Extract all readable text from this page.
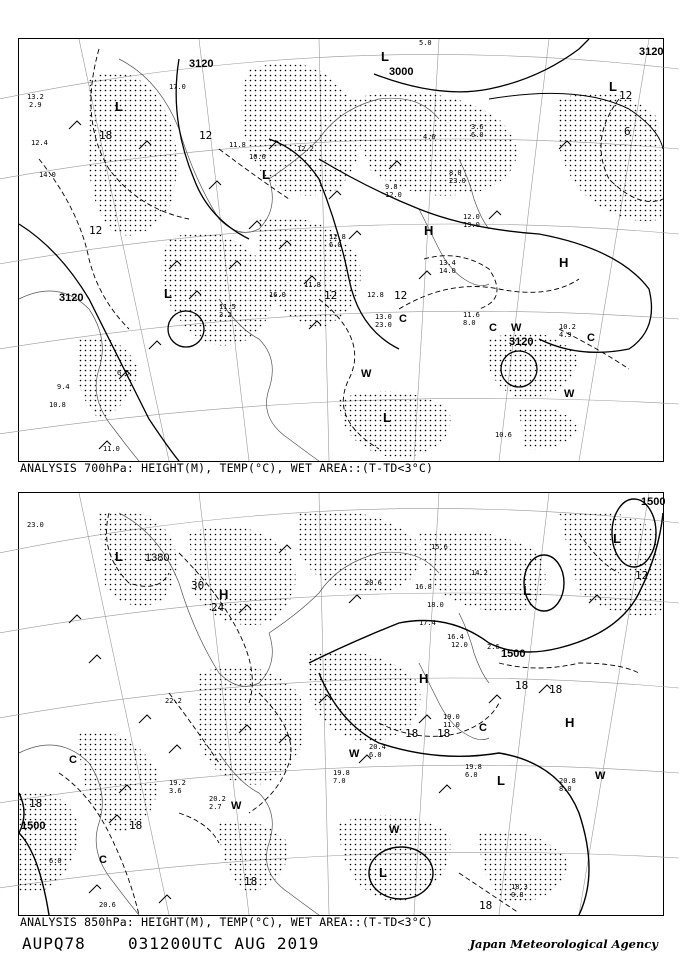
3120
3000
3120
3120
3120
12
12	12
18	12
12
6
L
L
L
L
L
L
H
H
C
C
C
W
W
W
13.2
2.9
12.4
14.0
17.0
11.8
10.6
12.2
16.0
11.8
12.8
13.4
14.0
11.6
8.0	10.2
4.9
10.6
11.0
9.4
10.8
6.5
5.0
4.6
8.0
23.0
3.6
6.0
12.0
19.0
9.8
12.0
13.0
23.0
11.5
3.2
12.8
6.0
ANALYSIS 700hPa: HEIGHT(M), TEMP(°C), WET AREA::(T-TD<3°C)
1500
1500
1500
1380
18 18
18 18
18
18
18
18
24
30
12
L
L
L
L
L
H
H
H
C
C
C	W
W
W
W
23.0
20.6
15.6
18.0
17.4
16.8
14.2
12.0
19.0
11.0
20.4
6.0
19.8
6.0
20.8
8.0
18.3
0.8
19.8
7.0
22.2
20.2
2.7
19.2
3.6
16.4
2.6
20.6
6.0
ANALYSIS 850hPa: HEIGHT(M), TEMP(°C), WET AREA::(T-TD<3°C)
AUPQ78	031200UTC AUG 2019	Japan Meteorological Agency
